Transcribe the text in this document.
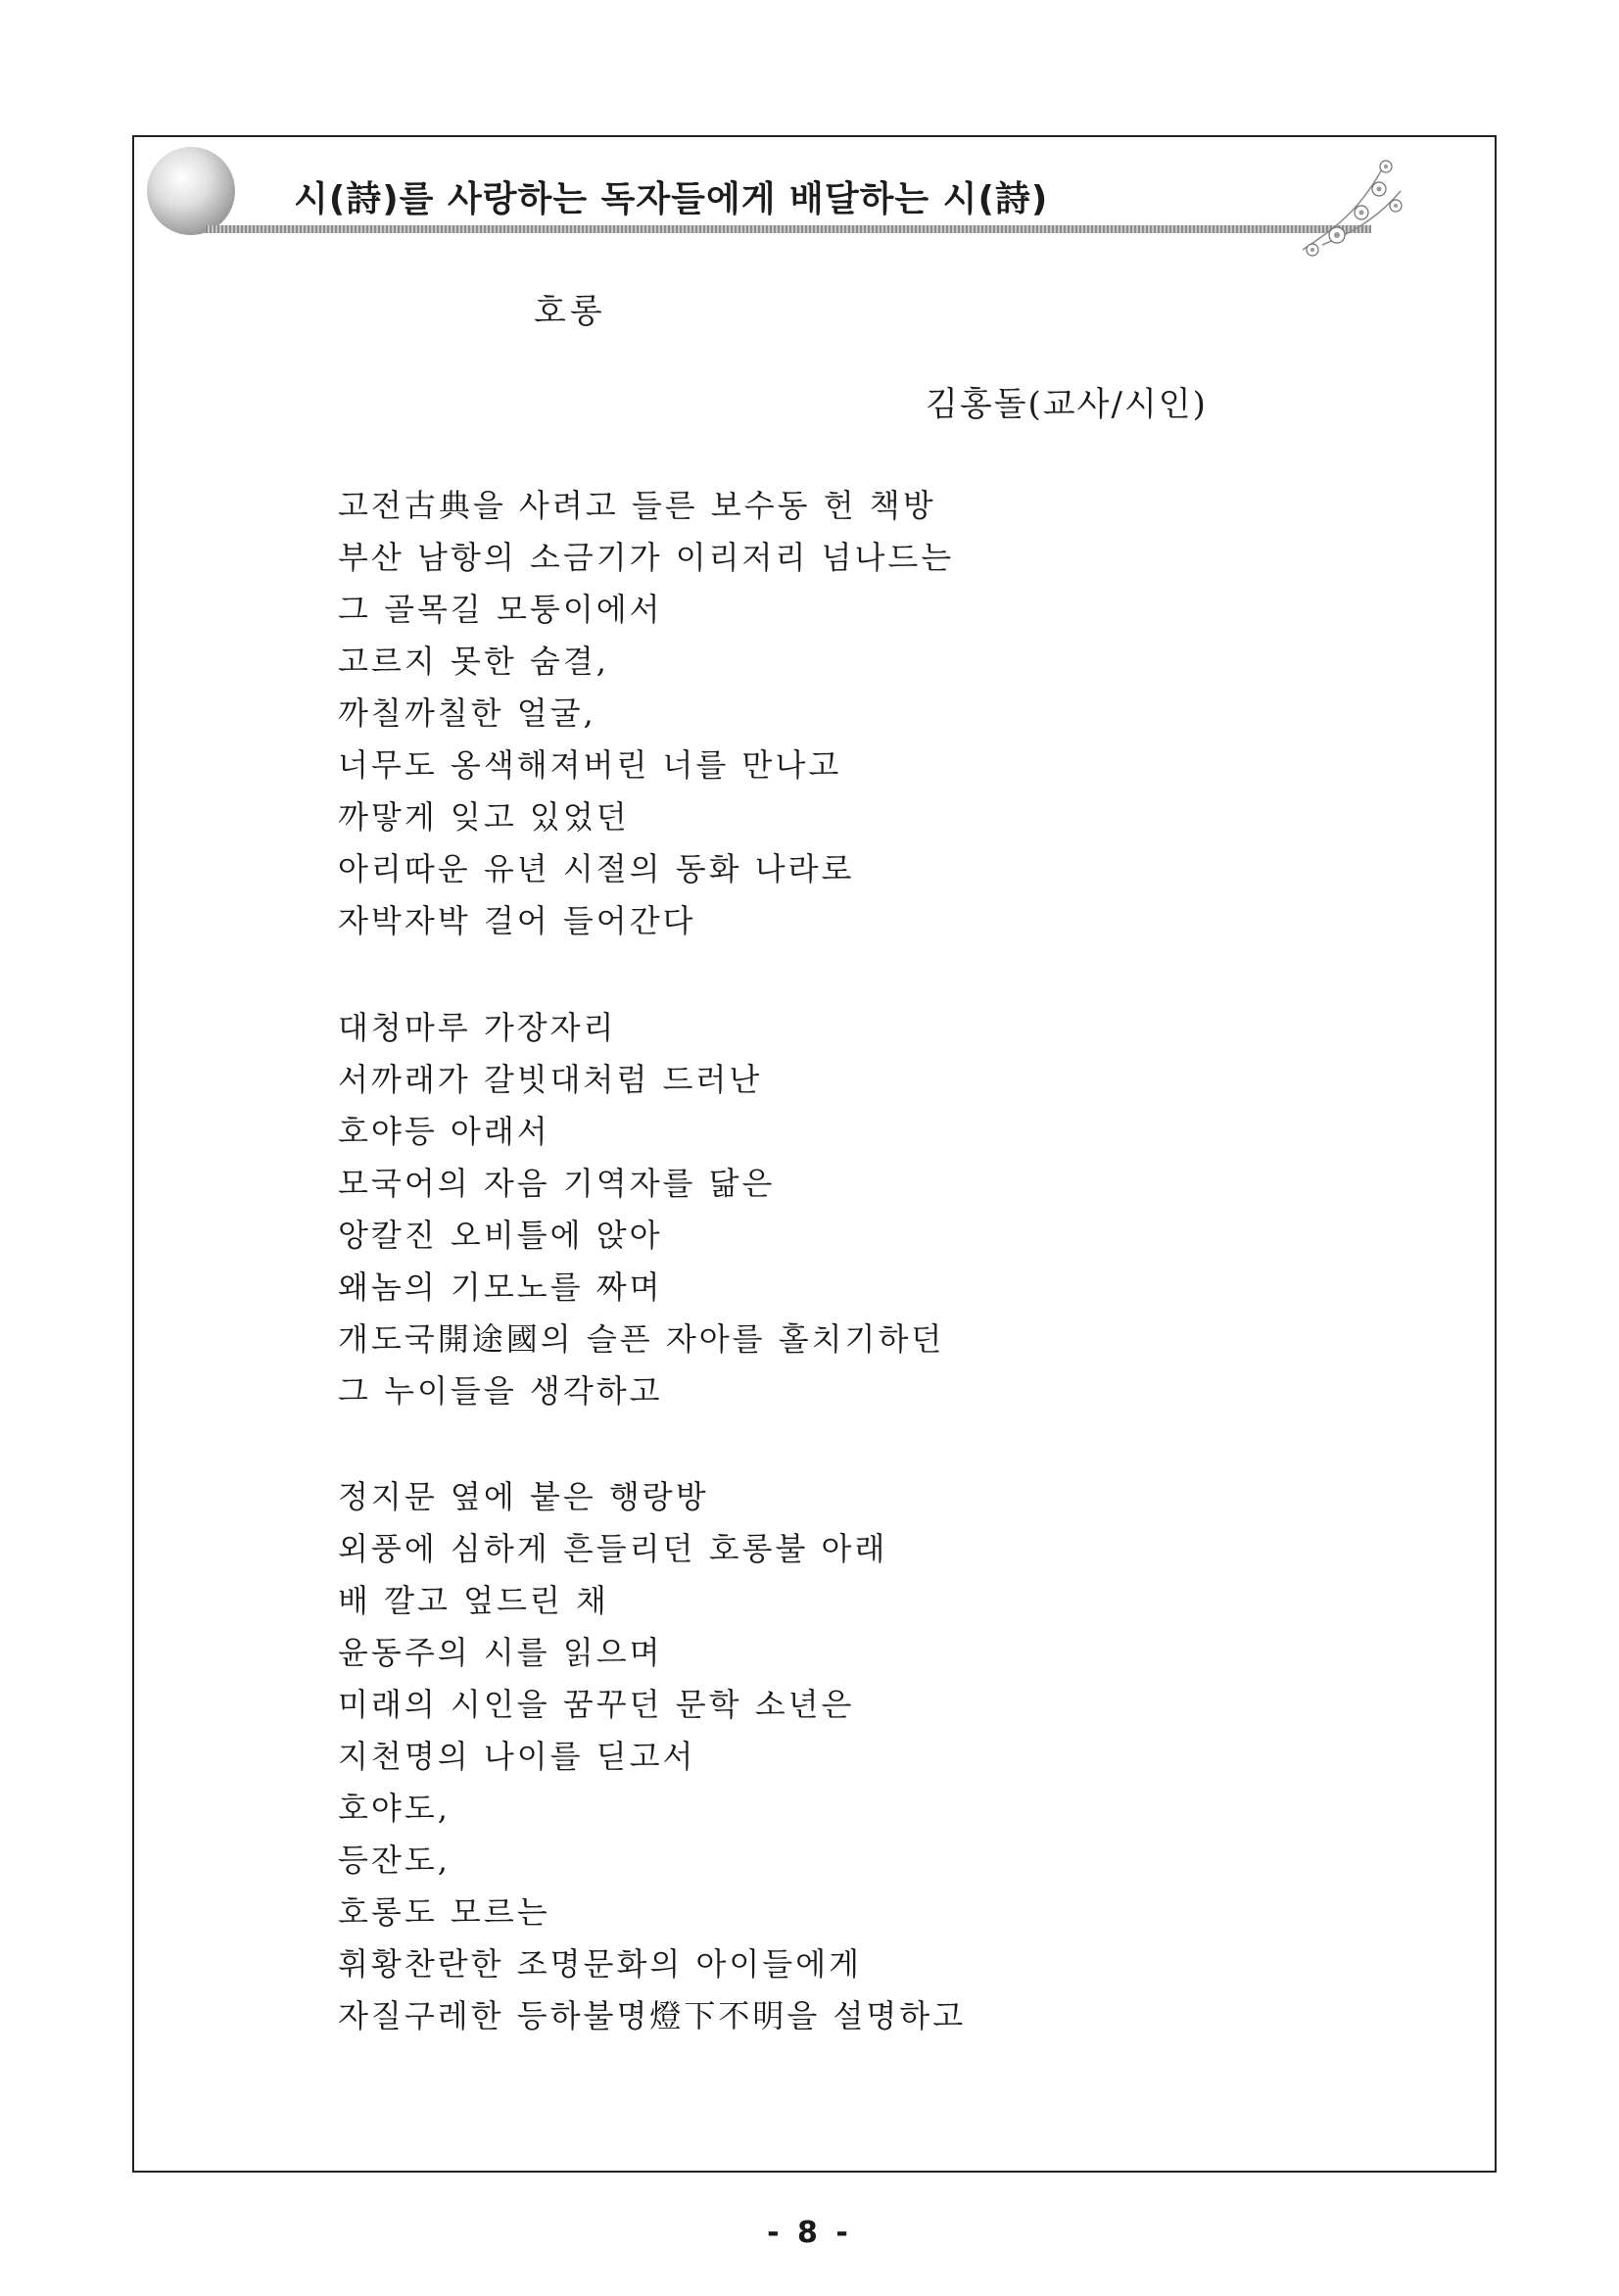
시(詩)를 사랑하는 독자들에게 배달하는 시(詩)
호롱
김홍돌(교사/시인)
고전古典을 사려고 들른 보수동 헌 책방
부산 남항의 소금기가 이리저리 넘나드는
그 골목길 모퉁이에서
고르지 못한 숨결,
까칠까칠한 얼굴,
너무도 옹색해져버린 너를 만나고
까맣게 잊고 있었던
아리따운 유년 시절의 동화 나라로
자박자박 걸어 들어간다
대청마루 가장자리
서까래가 갈빗대처럼 드러난
호야등 아래서
모국어의 자음 기역자를 닮은
앙칼진 오비틀에 앉아
왜놈의 기모노를 짜며
개도국開途國의 슬픈 자아를 홀치기하던
그 누이들을 생각하고
정지문 옆에 붙은 행랑방
외풍에 심하게 흔들리던 호롱불 아래
배 깔고 엎드린 채
윤동주의 시를 읽으며
미래의 시인을 꿈꾸던 문학 소년은
지천명의 나이를 딛고서
호야도,
등잔도,
호롱도 모르는
휘황찬란한 조명문화의 아이들에게
자질구레한 등하불명燈下不明을 설명하고
- 8 -
